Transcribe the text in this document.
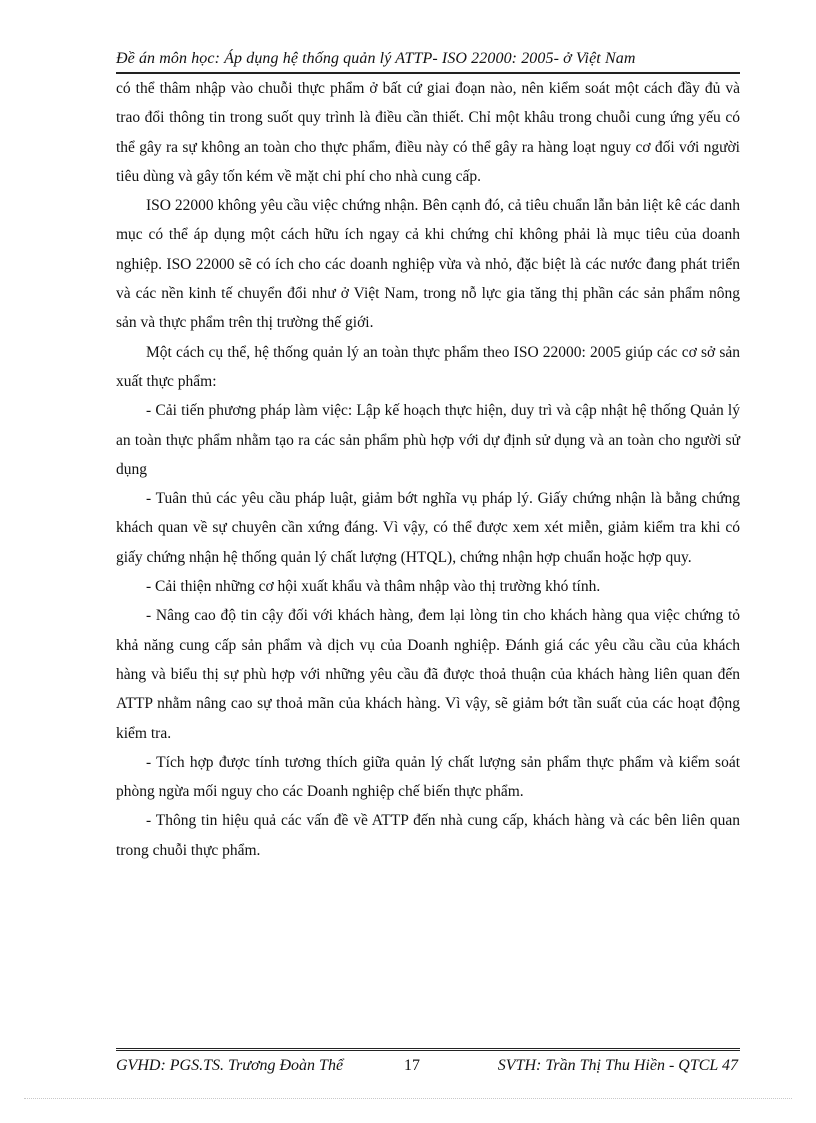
Đề án môn học: Áp dụng hệ thống quản lý ATTP- ISO 22000: 2005- ở Việt Nam

có thể thâm nhập vào chuỗi thực phẩm ở bất cứ giai đoạn nào, nên kiểm soát một cách đầy đủ và trao đổi thông tin trong suốt quy trình là điều cần thiết. Chỉ một khâu trong chuỗi cung ứng yếu có thể gây ra sự không an toàn cho thực phẩm, điều này có thể gây ra hàng loạt nguy cơ đối với người tiêu dùng và gây tốn kém về mặt chi phí cho nhà cung cấp.

ISO 22000 không yêu cầu việc chứng nhận. Bên cạnh đó, cả tiêu chuẩn lẫn bản liệt kê các danh mục có thể áp dụng một cách hữu ích ngay cả khi chứng chỉ không phải là mục tiêu của doanh nghiệp. ISO 22000 sẽ có ích cho các doanh nghiệp vừa và nhỏ, đặc biệt là các nước đang phát triển và các nền kinh tế chuyển đổi như ở Việt Nam, trong nỗ lực gia tăng thị phần các sản phẩm nông sản và thực phẩm trên thị trường thế giới.

Một cách cụ thể, hệ thống quản lý an toàn thực phẩm theo ISO 22000: 2005 giúp các cơ sở sản xuất thực phẩm:

- Cải tiến phương pháp làm việc: Lập kế hoạch thực hiện, duy trì và cập nhật hệ thống Quản lý an toàn thực phẩm nhằm tạo ra các sản phẩm phù hợp với dự định sử dụng và an toàn cho người sử dụng

- Tuân thủ các yêu cầu pháp luật, giảm bớt nghĩa vụ pháp lý. Giấy chứng nhận là bằng chứng khách quan về sự chuyên cần xứng đáng. Vì vậy, có thể được xem xét miễn, giảm kiểm tra khi có giấy chứng nhận hệ thống quản lý chất lượng (HTQL), chứng nhận hợp chuẩn hoặc hợp quy.

- Cải thiện những cơ hội xuất khẩu và thâm nhập vào thị trường khó tính.

- Nâng cao độ tin cậy đối với khách hàng, đem lại lòng tin cho khách hàng qua việc chứng tỏ khả năng cung cấp sản phẩm và dịch vụ của Doanh nghiệp. Đánh giá các yêu cầu cầu của khách hàng và biểu thị sự phù hợp với những yêu cầu đã được thoả thuận của khách hàng liên quan đến ATTP nhằm nâng cao sự thoả mãn của khách hàng. Vì vậy, sẽ giảm bớt tần suất của các hoạt động kiểm tra.

- Tích hợp được tính tương thích giữa quản lý chất lượng sản phẩm thực phẩm và kiểm soát phòng ngừa mối nguy cho các Doanh nghiệp chế biến thực phẩm.

- Thông tin hiệu quả các vấn đề về ATTP đến nhà cung cấp, khách hàng và các bên liên quan trong chuỗi thực phẩm.

GVHD: PGS.TS. Trương Đoàn Thể	17	SVTH: Trần Thị Thu Hiền - QTCL 47
